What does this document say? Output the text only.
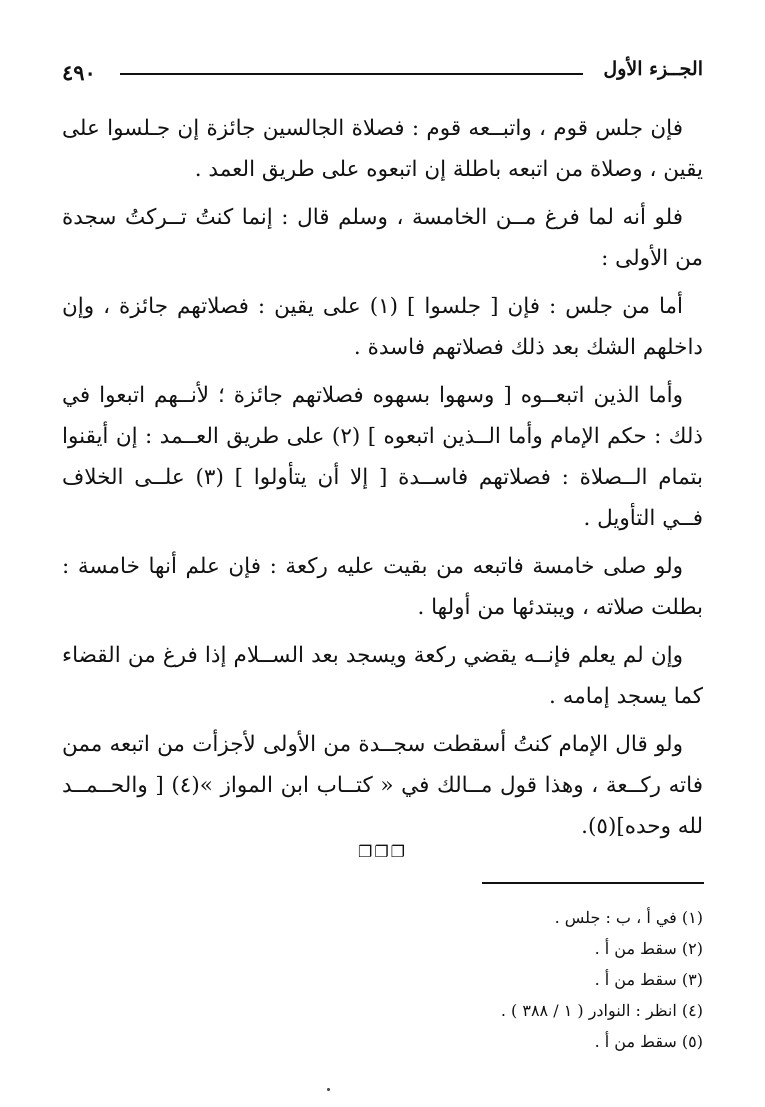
٤٩٠	الجــزء الأول

فإن جلس قوم ، واتبــعه قوم : فصلاة الجالسين جائزة إن جـلسوا على يقين ، وصلاة من اتبعه باطلة إن اتبعوه على طريق العمد .

فلو أنه لما فرغ مــن الخامسة ، وسلم قال : إنما كنتُ تــركتُ سجدة من الأولى :

أما من جلس : فإن [ جلسوا ] (١) على يقين : فصلاتهم جائزة ، وإن داخلهم الشك بعد ذلك فصلاتهم فاسدة .

وأما الذين اتبعــوه [ وسهوا بسهوه فصلاتهم جائزة ؛ لأنــهم اتبعوا في ذلك : حكم الإمام وأما الــذين اتبعوه ] (٢) على طريق العــمد : إن أيقنوا بتمام الــصلاة : فصلاتهم فاســدة [ إلا أن يتأولوا ] (٣) علــى الخلاف فــي التأويل .

ولو صلى خامسة فاتبعه من بقيت عليه ركعة : فإن علم أنها خامسة : بطلت صلاته ، ويبتدئها من أولها .

وإن لم يعلم فإنــه يقضي ركعة ويسجد بعد الســلام إذا فرغ من القضاء كما يسجد إمامه .

ولو قال الإمام كنتُ أسقطت سجــدة من الأولى لأجزأت من اتبعه ممن فاته ركــعة ، وهذا قول مــالك في « كتــاب ابن المواز »(٤) [ والحــمــد لله وحده](٥).

❐❐❐
(١) في أ ، ب : جلس .
(٢) سقط من أ .
(٣) سقط من أ .
(٤) انظر : النوادر ( ١ / ٣٨٨ ) .
(٥) سقط من أ .
